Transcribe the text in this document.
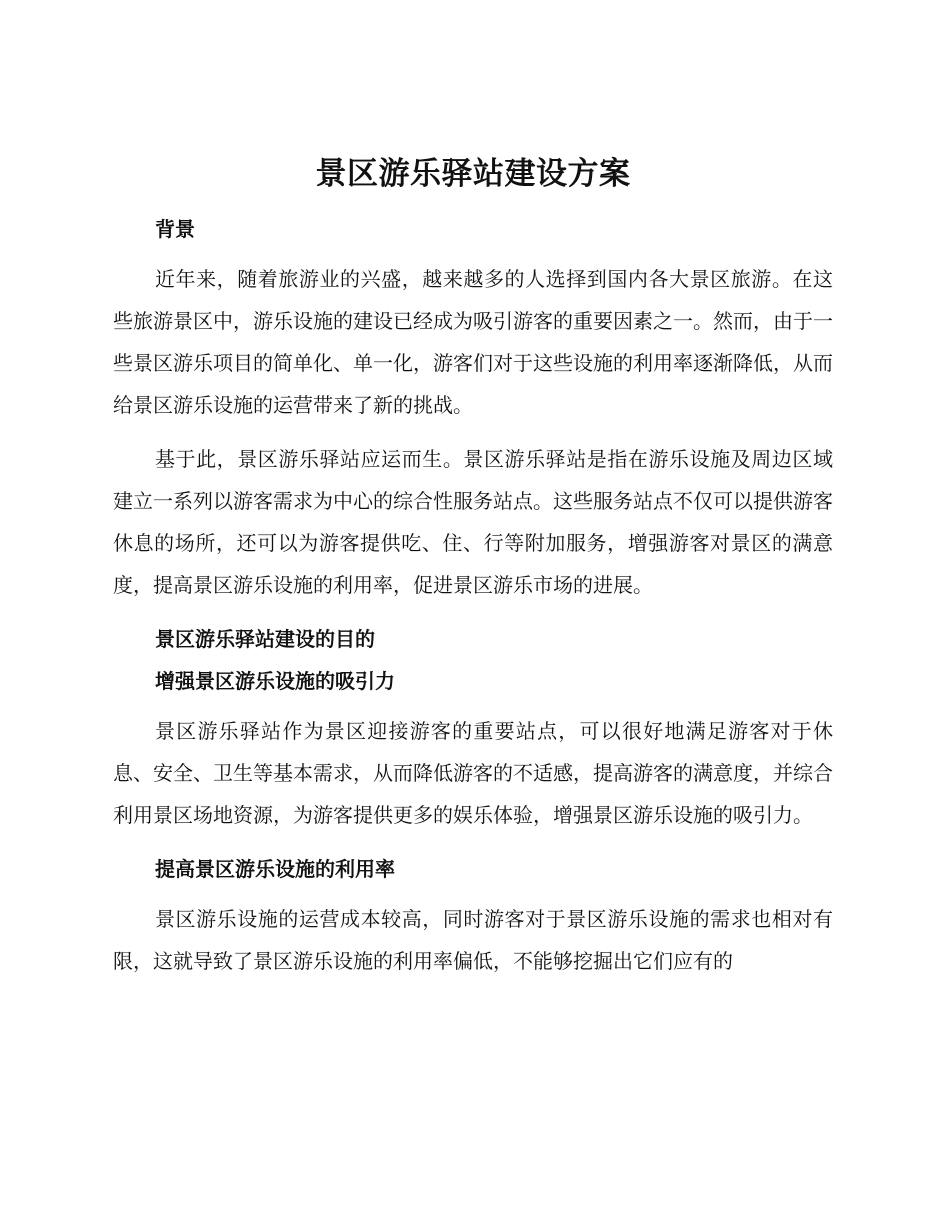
景区游乐驿站建设方案

背景

近年来，随着旅游业的兴盛，越来越多的人选择到国内各大景区旅游。在这些旅游景区中，游乐设施的建设已经成为吸引游客的重要因素之一。然而，由于一些景区游乐项目的简单化、单一化，游客们对于这些设施的利用率逐渐降低，从而给景区游乐设施的运营带来了新的挑战。

基于此，景区游乐驿站应运而生。景区游乐驿站是指在游乐设施及周边区域建立一系列以游客需求为中心的综合性服务站点。这些服务站点不仅可以提供游客休息的场所，还可以为游客提供吃、住、行等附加服务，增强游客对景区的满意度，提高景区游乐设施的利用率，促进景区游乐市场的进展。

景区游乐驿站建设的目的

增强景区游乐设施的吸引力

景区游乐驿站作为景区迎接游客的重要站点，可以很好地满足游客对于休息、安全、卫生等基本需求，从而降低游客的不适感，提高游客的满意度，并综合利用景区场地资源，为游客提供更多的娱乐体验，增强景区游乐设施的吸引力。

提高景区游乐设施的利用率

景区游乐设施的运营成本较高，同时游客对于景区游乐设施的需求也相对有限，这就导致了景区游乐设施的利用率偏低，不能够挖掘出它们应有的
